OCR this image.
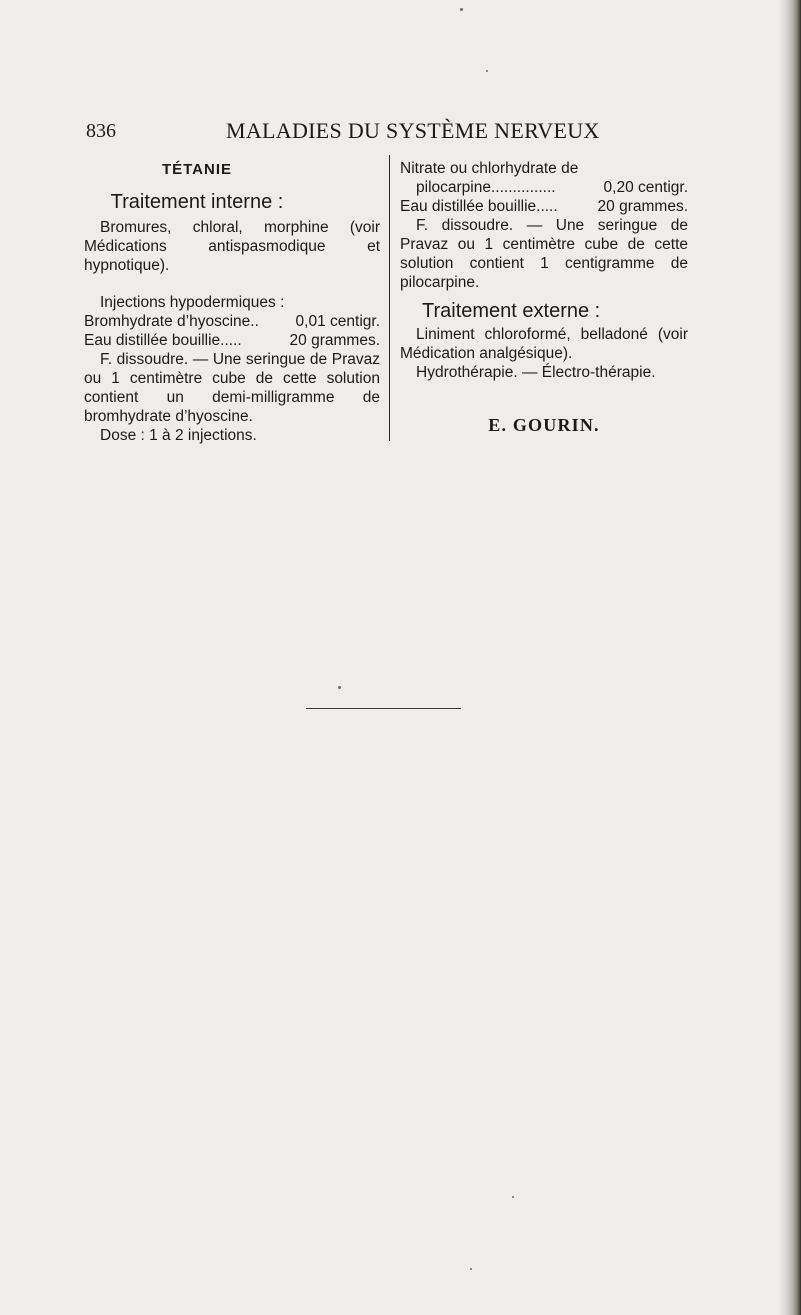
836	MALADIES DU SYSTÈME NERVEUX

TÉTANIE

Traitement interne :

Bromures, chloral, morphine (voir Médications antispasmodique et hypnotique).

Injections hypodermiques :

Bromhydrate d’hyoscine.. 0,01 centigr.
Eau distillée bouillie.....	20 grammes.

F. dissoudre. — Une seringue de Pravaz ou 1 centimètre cube de cette solution contient un demi-milligramme de bromhydrate d’hyoscine.

Dose : 1 à 2 injections.

Nitrate ou chlorhydrate de

pilocarpine...............	0,20 centigr.
Eau distillée bouillie.....	20 grammes.

F. dissoudre. — Une seringue de Pravaz ou 1 centimètre cube de cette solution contient 1 centigramme de pilocarpine.

Traitement externe :

Liniment chloroformé, belladoné (voir Médication analgésique).

Hydrothérapie. — Électro-thérapie.

E. GOURIN.
